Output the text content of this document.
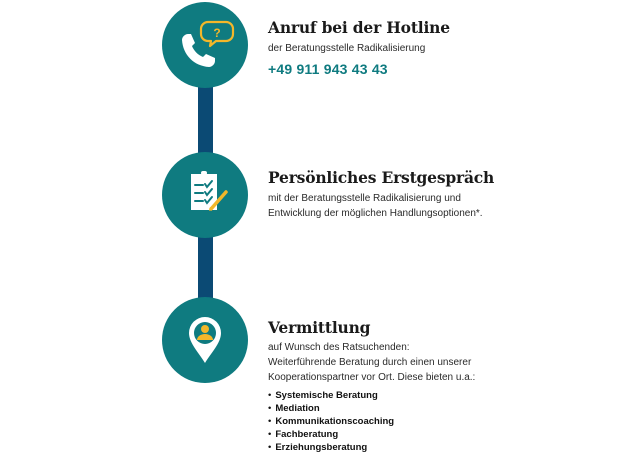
?	Anruf bei der Hotline

der Beratungsstelle Radikalisierung

+49 911 943 43 43

Persönliches Erstgespräch

mit der Beratungsstelle Radikalisierung und

Entwicklung der möglichen Handlungsoptionen*.

Vermittlung

auf Wunsch des Ratsuchenden:

Weiterführende Beratung durch einen unserer

Kooperationspartner vor Ort. Diese bieten u.a.:

• Systemische Beratung
• Mediation
• Kommunikationscoaching
• Fachberatung
• Erziehungsberatung
